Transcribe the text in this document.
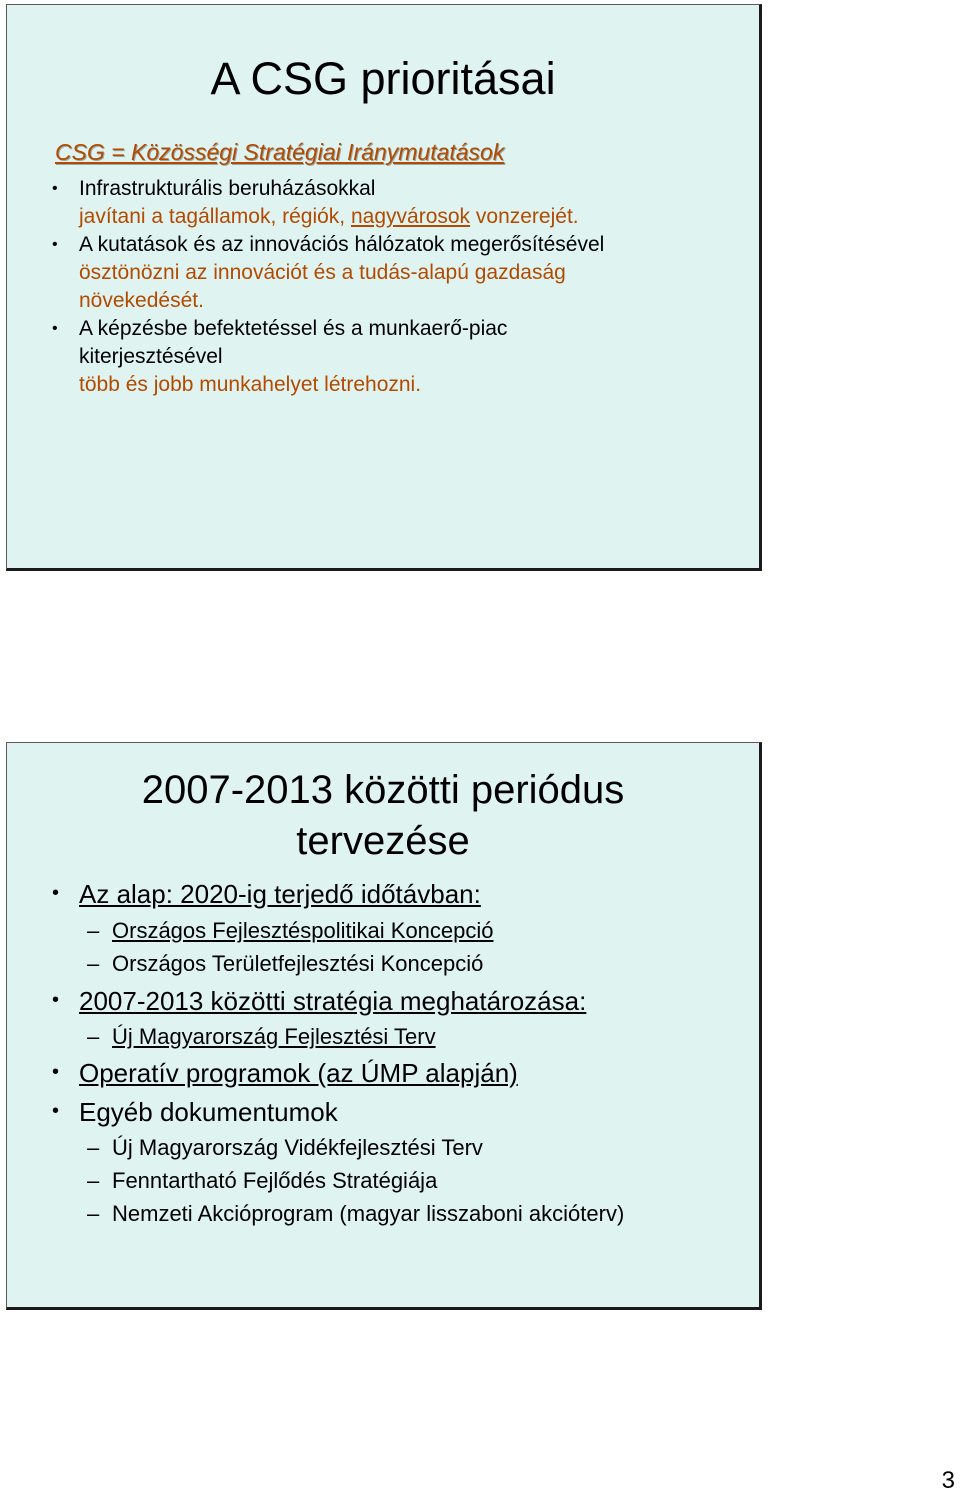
A CSG prioritásai
CSG = Közösségi Stratégiai Iránymutatások
• Infrastrukturális beruházásokkal
javítani a tagállamok, régiók, nagyvárosok vonzerejét.
• A kutatások és az innovációs hálózatok megerősítésével
ösztönözni az innovációt és a tudás-alapú gazdaság
növekedését.
• A képzésbe befektetéssel és a munkaerő-piac
kiterjesztésével
több és jobb munkahelyet létrehozni.
2007-2013 közötti periódus
tervezése
• Az alap: 2020-ig terjedő időtávban:
– Országos Fejlesztéspolitikai Koncepció
– Országos Területfejlesztési Koncepció
• 2007-2013 közötti stratégia meghatározása:
– Új Magyarország Fejlesztési Terv
• Operatív programok (az ÚMP alapján)
• Egyéb dokumentumok
– Új Magyarország Vidékfejlesztési Terv
– Fenntartható Fejlődés Stratégiája
– Nemzeti Akcióprogram (magyar lisszaboni akcióterv)
3
